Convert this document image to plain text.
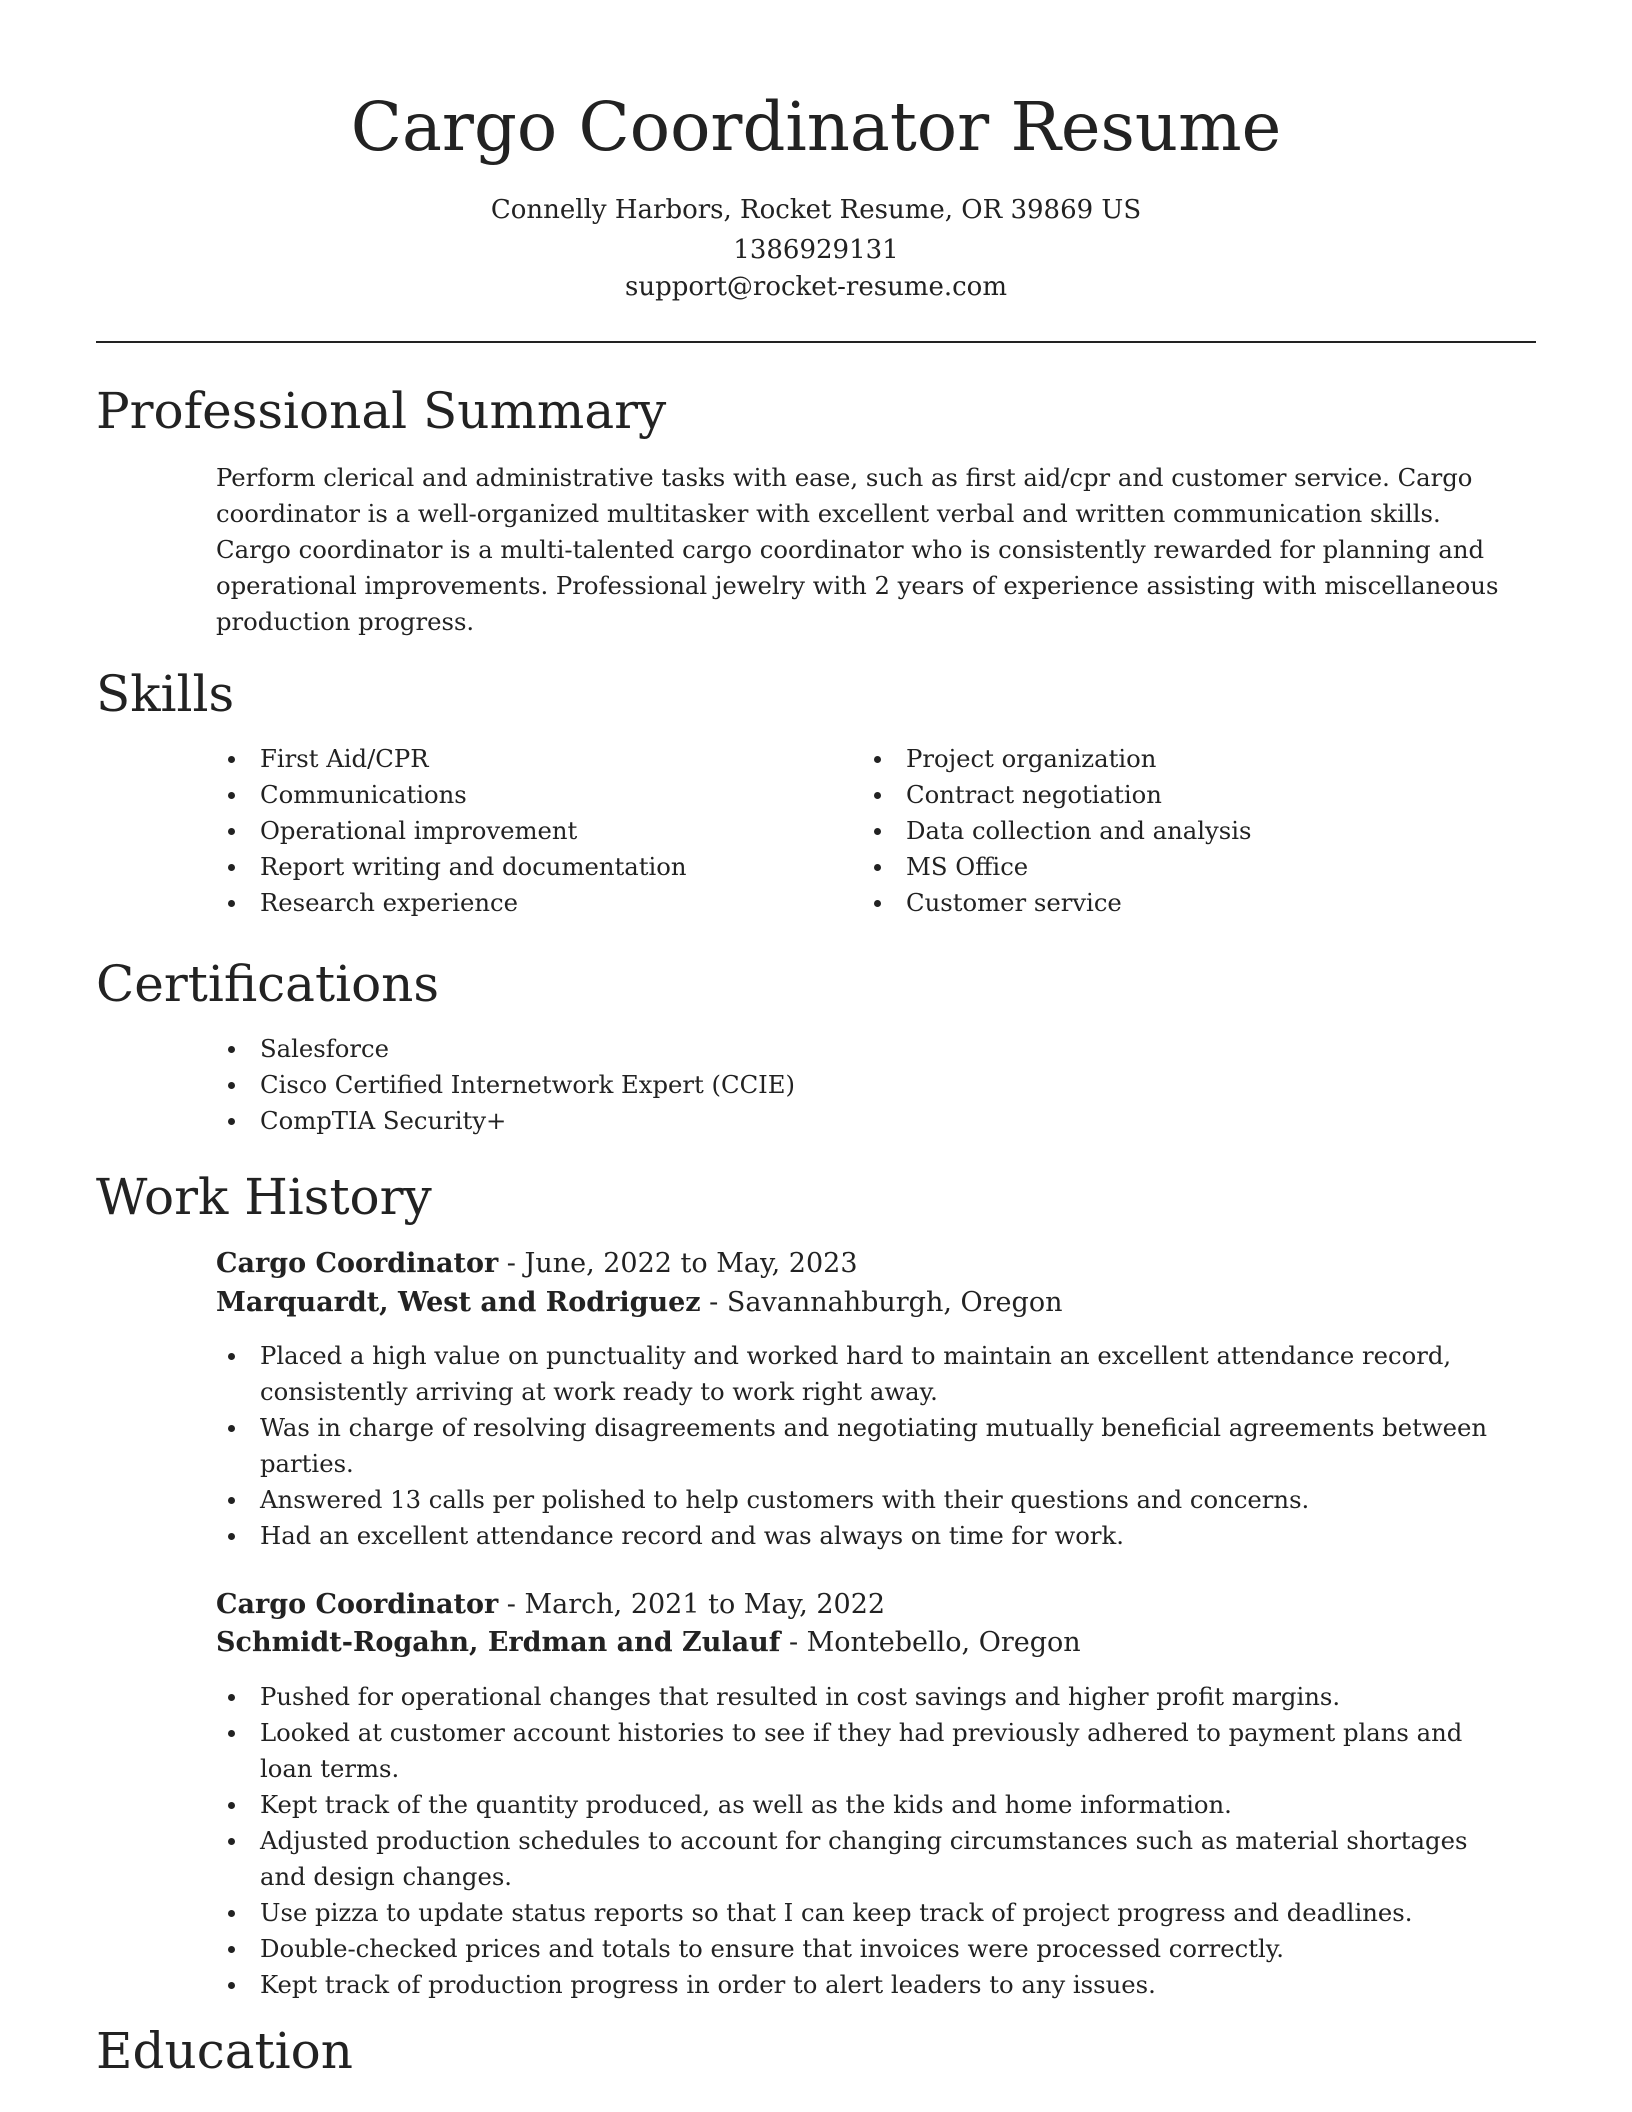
Cargo Coordinator Resume
Connelly Harbors, Rocket Resume, OR 39869 US
1386929131
support@rocket-resume.com
Professional Summary

Perform clerical and administrative tasks with ease, such as first aid/cpr and customer service. Cargo coordinator is a well-organized multitasker with excellent verbal and written communication skills. Cargo coordinator is a multi-talented cargo coordinator who is consistently rewarded for planning and operational improvements. Professional jewelry with 2 years of experience assisting with miscellaneous production progress.

Skills
First Aid/CPR
Communications
Operational improvement
Report writing and documentation
Research experience
Project organization
Contract negotiation
Data collection and analysis
MS Office
Customer service
Certifications
Salesforce
Cisco Certified Internetwork Expert (CCIE)
CompTIA Security+
Work History
Cargo Coordinator - June, 2022 to May, 2023
Marquardt, West and Rodriguez - Savannahburgh, Oregon
Placed a high value on punctuality and worked hard to maintain an excellent attendance record, consistently arriving at work ready to work right away.
Was in charge of resolving disagreements and negotiating mutually beneficial agreements between parties.
Answered 13 calls per polished to help customers with their questions and concerns.
Had an excellent attendance record and was always on time for work.
Cargo Coordinator - March, 2021 to May, 2022
Schmidt-Rogahn, Erdman and Zulauf - Montebello, Oregon
Pushed for operational changes that resulted in cost savings and higher profit margins.
Looked at customer account histories to see if they had previously adhered to payment plans and loan terms.
Kept track of the quantity produced, as well as the kids and home information.
Adjusted production schedules to account for changing circumstances such as material shortages and design changes.
Use pizza to update status reports so that I can keep track of project progress and deadlines.
Double-checked prices and totals to ensure that invoices were processed correctly.
Kept track of production progress in order to alert leaders to any issues.
Education
